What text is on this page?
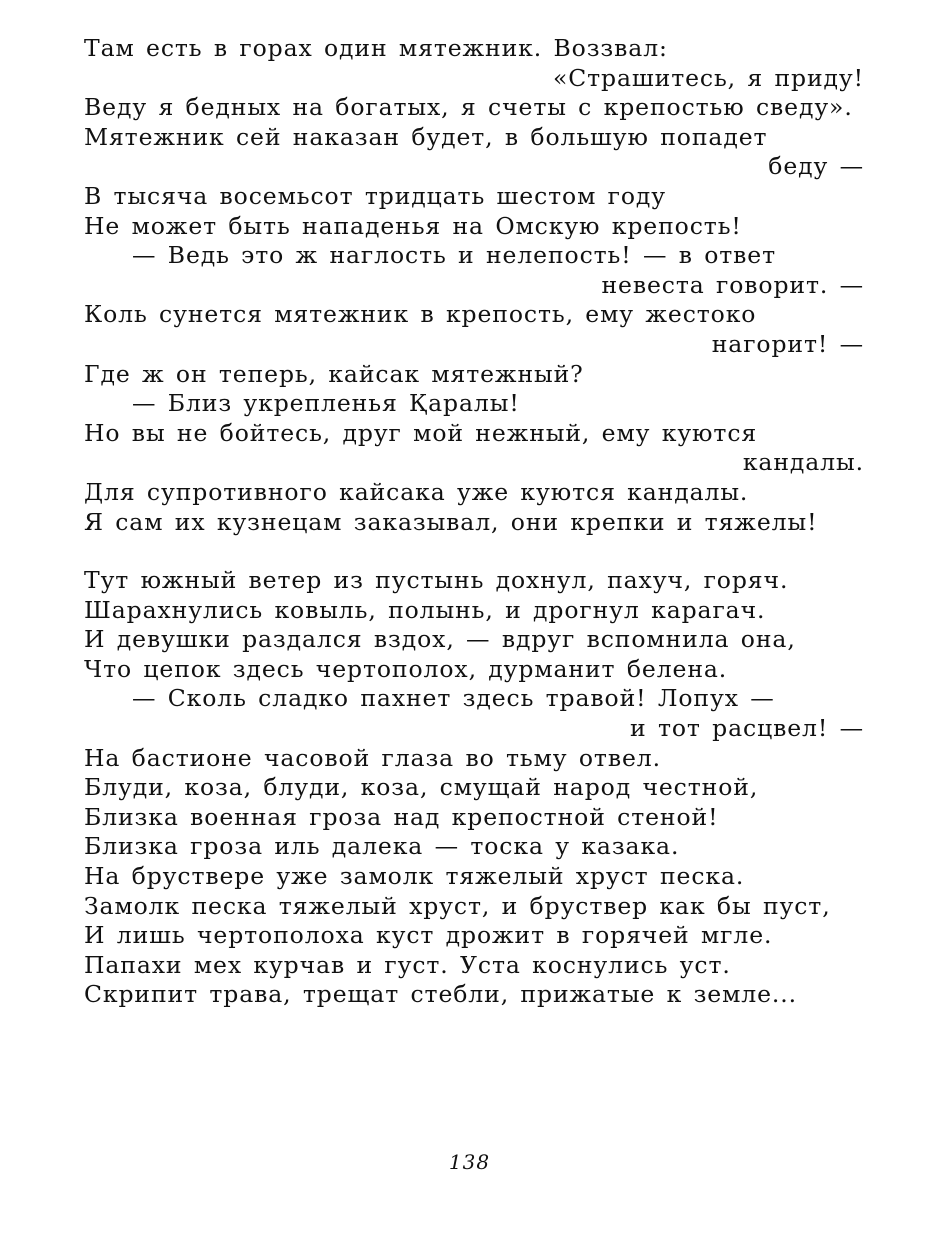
Там есть в горах один мятежник. Воззвал:
«Страшитесь, я приду!
Веду я бедных на богатых, я счеты с крепостью сведу».
Мятежник сей наказан будет, в большую попадет
беду —
В тысяча восемьсот тридцать шестом году
Не может быть нападенья на Омскую крепость!
— Ведь это ж наглость и нелепость! — в ответ
невеста говорит. —
Коль сунется мятежник в крепость, ему жестоко
нагорит! —
Где ж он теперь, кайсак мятежный?
— Близ укрепленья Қаралы!
Но вы не бойтесь, друг мой нежный, ему куются
кандалы.
Для супротивного кайсака уже куются кандалы.
Я сам их кузнецам заказывал, они крепки и тяжелы!
Тут южный ветер из пустынь дохнул, пахуч, горяч.
Шарахнулись ковыль, полынь, и дрогнул карагач.
И девушки раздался вздох, — вдруг вспомнила она,
Что цепок здесь чертополох, дурманит белена.
— Сколь сладко пахнет здесь травой! Лопух —
и тот расцвел! —
На бастионе часовой глаза во тьму отвел.
Блуди, коза, блуди, коза, смущай народ честной,
Близка военная гроза над крепостной стеной!
Близка гроза иль далека — тоска у казака.
На бруствере уже замолк тяжелый хруст песка.
Замолк песка тяжелый хруст, и бруствер как бы пуст,
И лишь чертополоха куст дрожит в горячей мгле.
Папахи мех курчав и густ. Уста коснулись уст.
Скрипит трава, трещат стебли, прижатые к земле...
138
